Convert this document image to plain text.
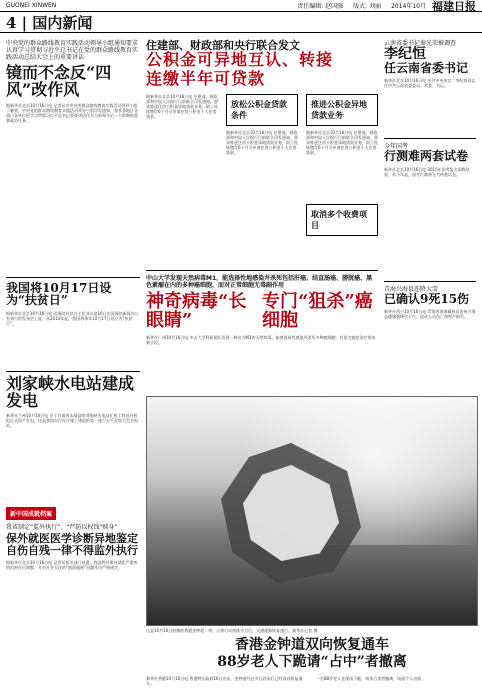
GUONEI XINWEN	责任编辑: 赵国强 版式: 刘丽 2014年10月 福建日报
4 | 国内新闻
中央党的群众路线教育实践活动领导小组通知要求认真学习贯彻习近平总书记在党的群众路线教育实践活动总结大会上的重要讲话
镜而不念反“四风”改作风
据新华社北京10月16日电 记者从中央党的群众路线教育实践活动领导小组了解到，中央党的群众路线教育实践活动领导小组印发通知，要求各地区各部门各单位把学习贯彻习近平总书记重要讲话作为当前和今后一个时期的重要政治任务。
我国将10月17日设为“扶贫日”
据新华社北京10月16日电 国务院扶贫办主任刘永富16日在国务院新闻办公室举行的发布会上说，从2014年起，我国将每年10月17日设立为“扶贫日”。
刘家峡水电站建成发电
新华社兰州10月16日电 位于甘肃省永靖县的刘家峡水电站扩机工程首台机组正式投产发电，这是我国自行设计施工建造的第一座百万千瓦级大型水电站。
新中国成就档案
我省制定“监外执行”、“严防以权钱“赎身”
保外就医医学诊断异地鉴定 自伤自残一律不得监外执行
据新华社北京10月16日电 记者从相关部门获悉，我国将对保外就医严重疾病范围作出调整，并对社会关注的“纸面服刑”问题作出严格规定。
住建部、财政部和央行联合发文
公积金可异地互认、转接
连缴半年可贷款
据新华社北京10月16日电 住建部、财政部和中国人民银行日前联合印发通知，要求推进住房公积金异地贷款业务，职工连续缴存6个月可申请住房公积金个人住房贷款。
放松公积金贷款条件
据新华社北京10月16日电 住建部、财政部和中国人民银行日前联合印发通知，要求推进住房公积金异地贷款业务，职工连续缴存6个月可申请住房公积金个人住房贷款。
推进公积金异地贷款业务
据新华社北京10月16日电 住建部、财政部和中国人民银行日前联合印发通知，要求推进住房公积金异地贷款业务，职工连续缴存6个月可申请住房公积金个人住房贷款。
取消多个收费项目
中山大学发现天然病毒M1，能选择性地感染并杀死包括肝癌、结直肠癌、膀胱癌、黑色素瘤在内的多种癌细胞，而对正常细胞无毒副作用
神奇病毒“长眼睛”
专门“狙杀”癌细胞
新华社广州10月16日电 中山大学科研团队发现一种名为M1的天然病毒，能够选择性感染并杀死多种癌细胞，有望为癌症治疗带来新手段。
云南省委书记秦光荣被调查
李纪恒
任云南省委书记
新华社北京10月16日电 中共中央决定：李纪恒同志任中共云南省委委员、常委、书记。
今年国考
行测难两套试卷
新华社北京10月16日电 2015年国考报名即将结束。从今年起，国考行测将分为两套试卷。
青海兴海县连降大雪
已确认9死15伤
新华社西宁10月16日电 青海省海南藏族自治州兴海县遭遇强降雪天气，造成人员伤亡和财产损失。
这是10月16日拍摄的香港金钟道一带。占领行动持续多日后，交通逐渐恢复通行。新华社记者 摄
香港金钟道双向恢复通车
88岁老人下跪请“占中”者撤离
新华社香港10月16日电 香港特区政府16日宣布，金钟道经过多日封闭后已经双向恢复通车。
一名88岁老人在现场下跪，请求占领者撤离，场面令人动容。
